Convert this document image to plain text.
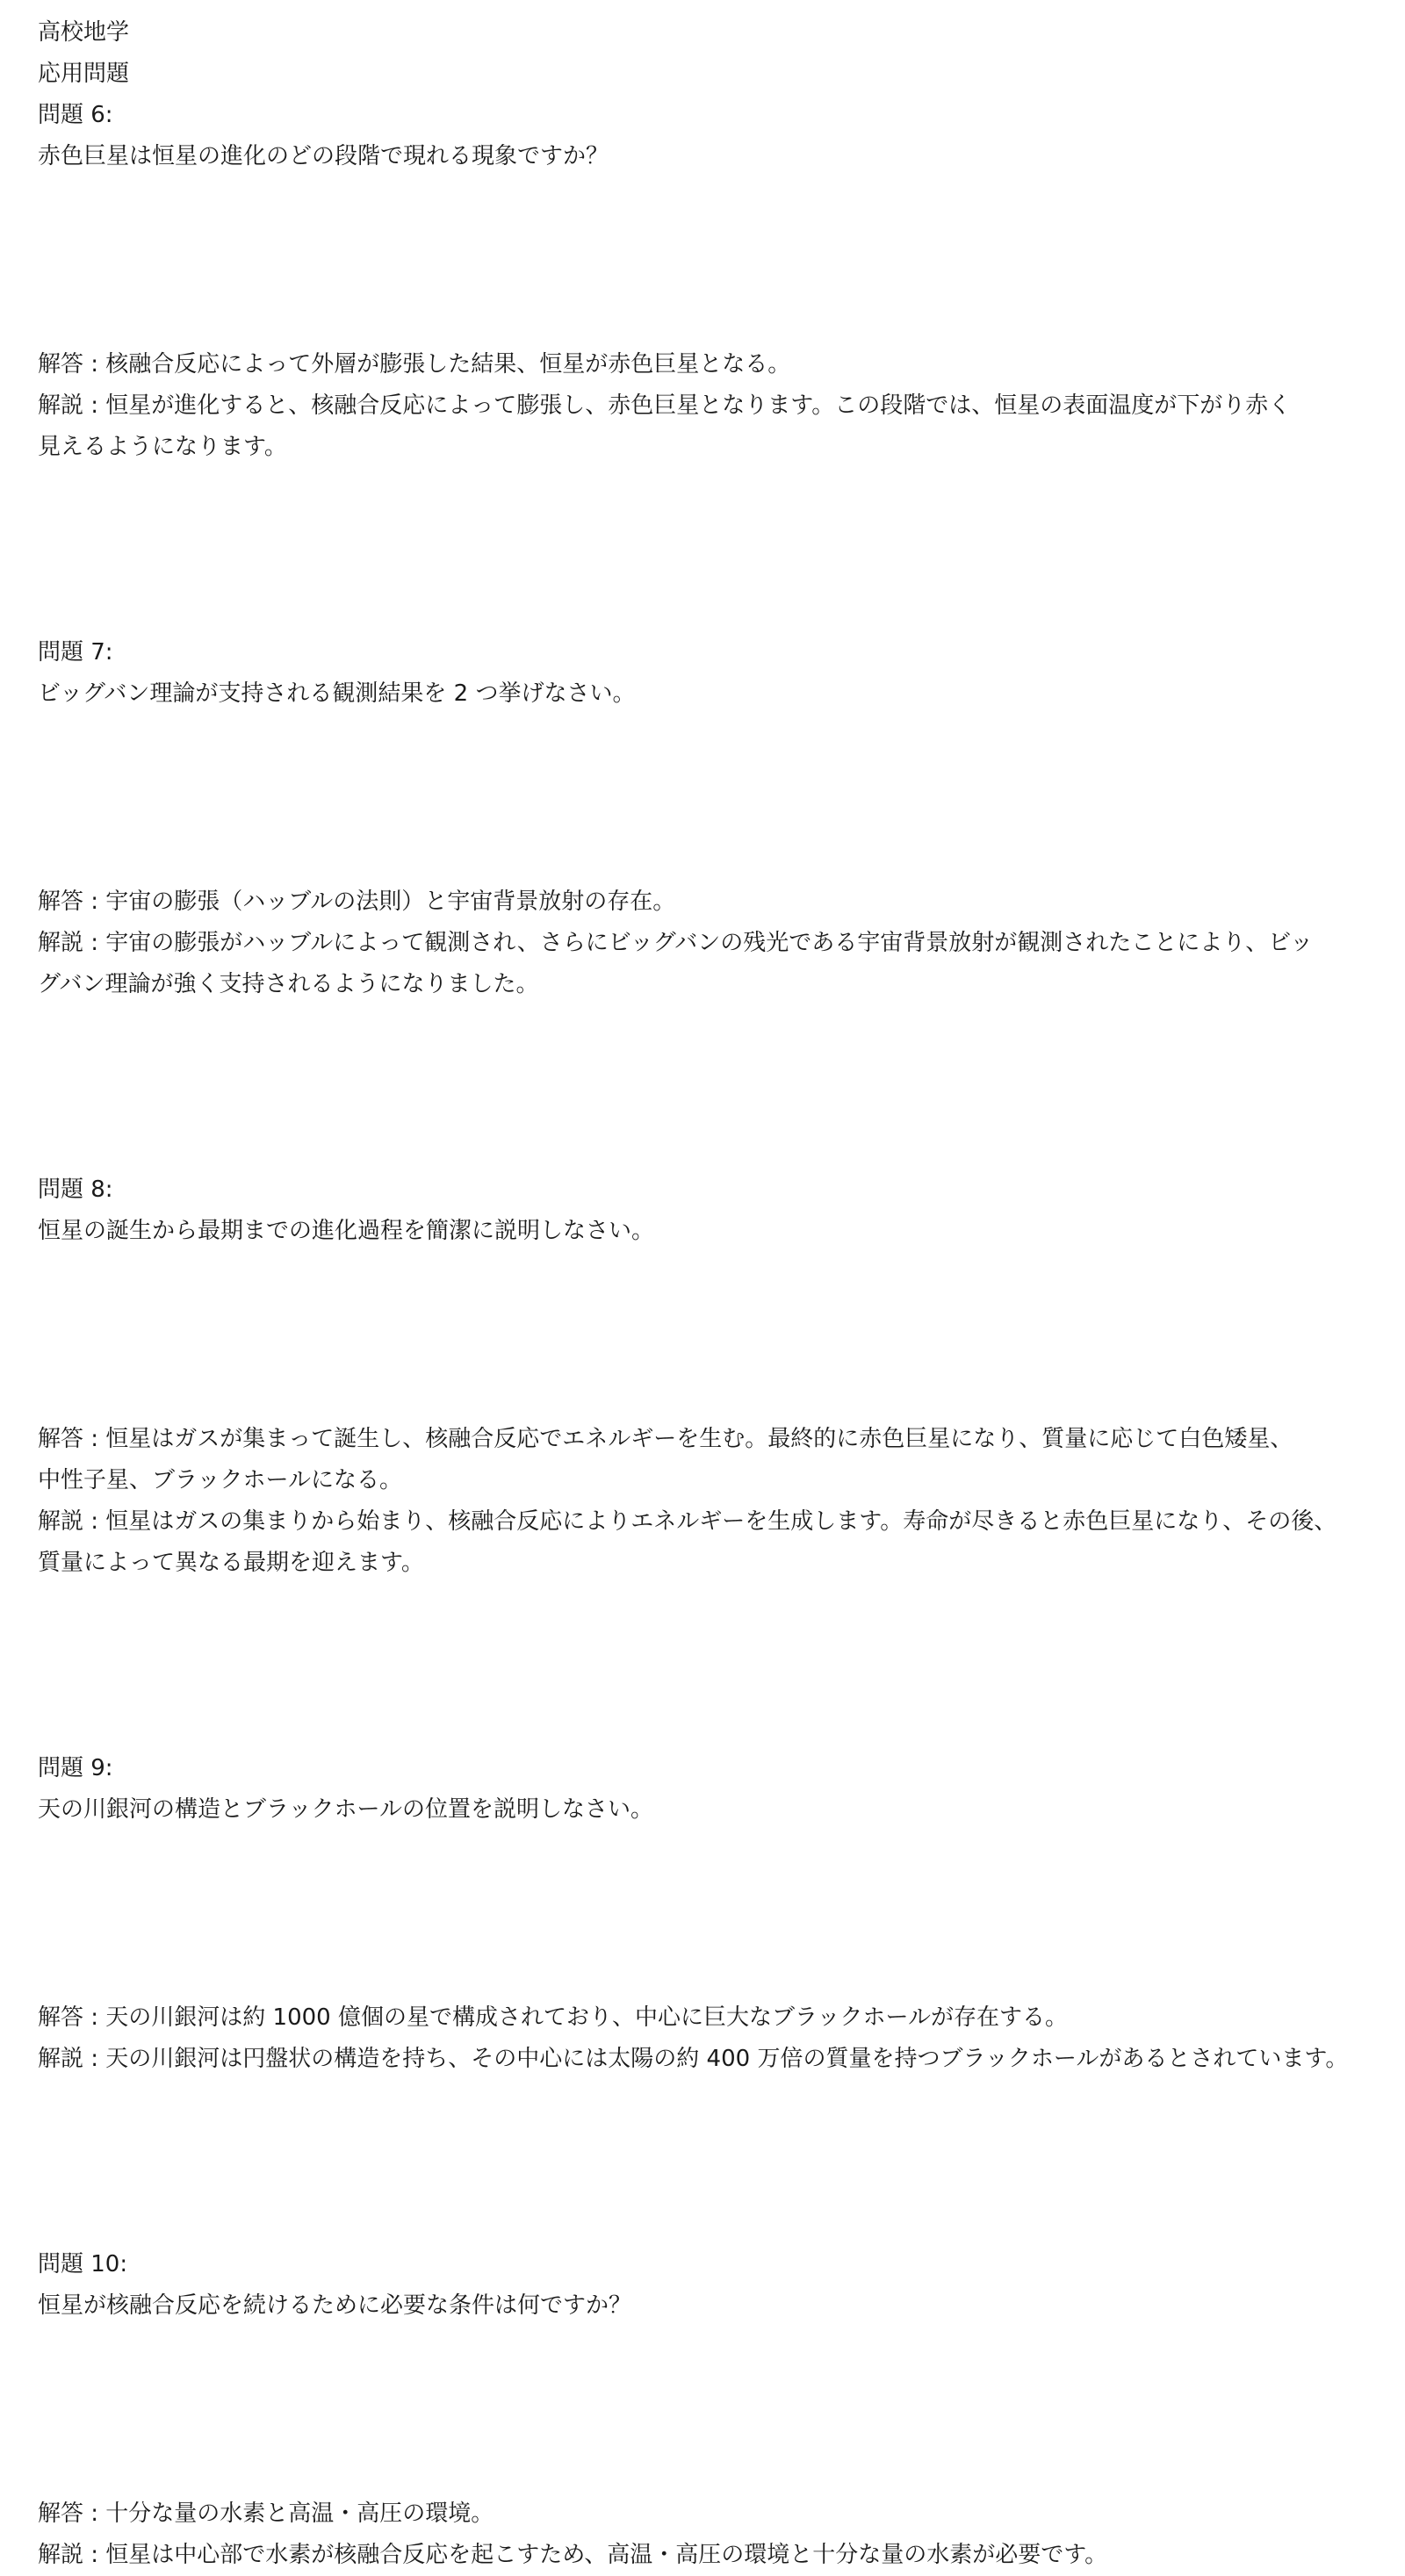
高校地学

応用問題

問題 6:

赤色巨星は恒星の進化のどの段階で現れる現象ですか？

解答 : 核融合反応によって外層が膨張した結果、恒星が赤色巨星となる。

解説 : 恒星が進化すると、核融合反応によって膨張し、赤色巨星となります。この段階では、恒星の表面温度が下がり赤く

見えるようになります。

問題 7:

ビッグバン理論が支持される観測結果を 2 つ挙げなさい。

解答 : 宇宙の膨張（ハッブルの法則）と宇宙背景放射の存在。

解説 : 宇宙の膨張がハッブルによって観測され、さらにビッグバンの残光である宇宙背景放射が観測されたことにより、ビッ

グバン理論が強く支持されるようになりました。

問題 8:

恒星の誕生から最期までの進化過程を簡潔に説明しなさい。

解答 : 恒星はガスが集まって誕生し、核融合反応でエネルギーを生む。最終的に赤色巨星になり、質量に応じて白色矮星、

中性子星、ブラックホールになる。

解説 : 恒星はガスの集まりから始まり、核融合反応によりエネルギーを生成します。寿命が尽きると赤色巨星になり、その後、

質量によって異なる最期を迎えます。

問題 9:

天の川銀河の構造とブラックホールの位置を説明しなさい。

解答 : 天の川銀河は約 1000 億個の星で構成されており、中心に巨大なブラックホールが存在する。

解説 : 天の川銀河は円盤状の構造を持ち、その中心には太陽の約 400 万倍の質量を持つブラックホールがあるとされています。

問題 10:

恒星が核融合反応を続けるために必要な条件は何ですか？

解答 : 十分な量の水素と高温・高圧の環境。

解説 : 恒星は中心部で水素が核融合反応を起こすため、高温・高圧の環境と十分な量の水素が必要です。
